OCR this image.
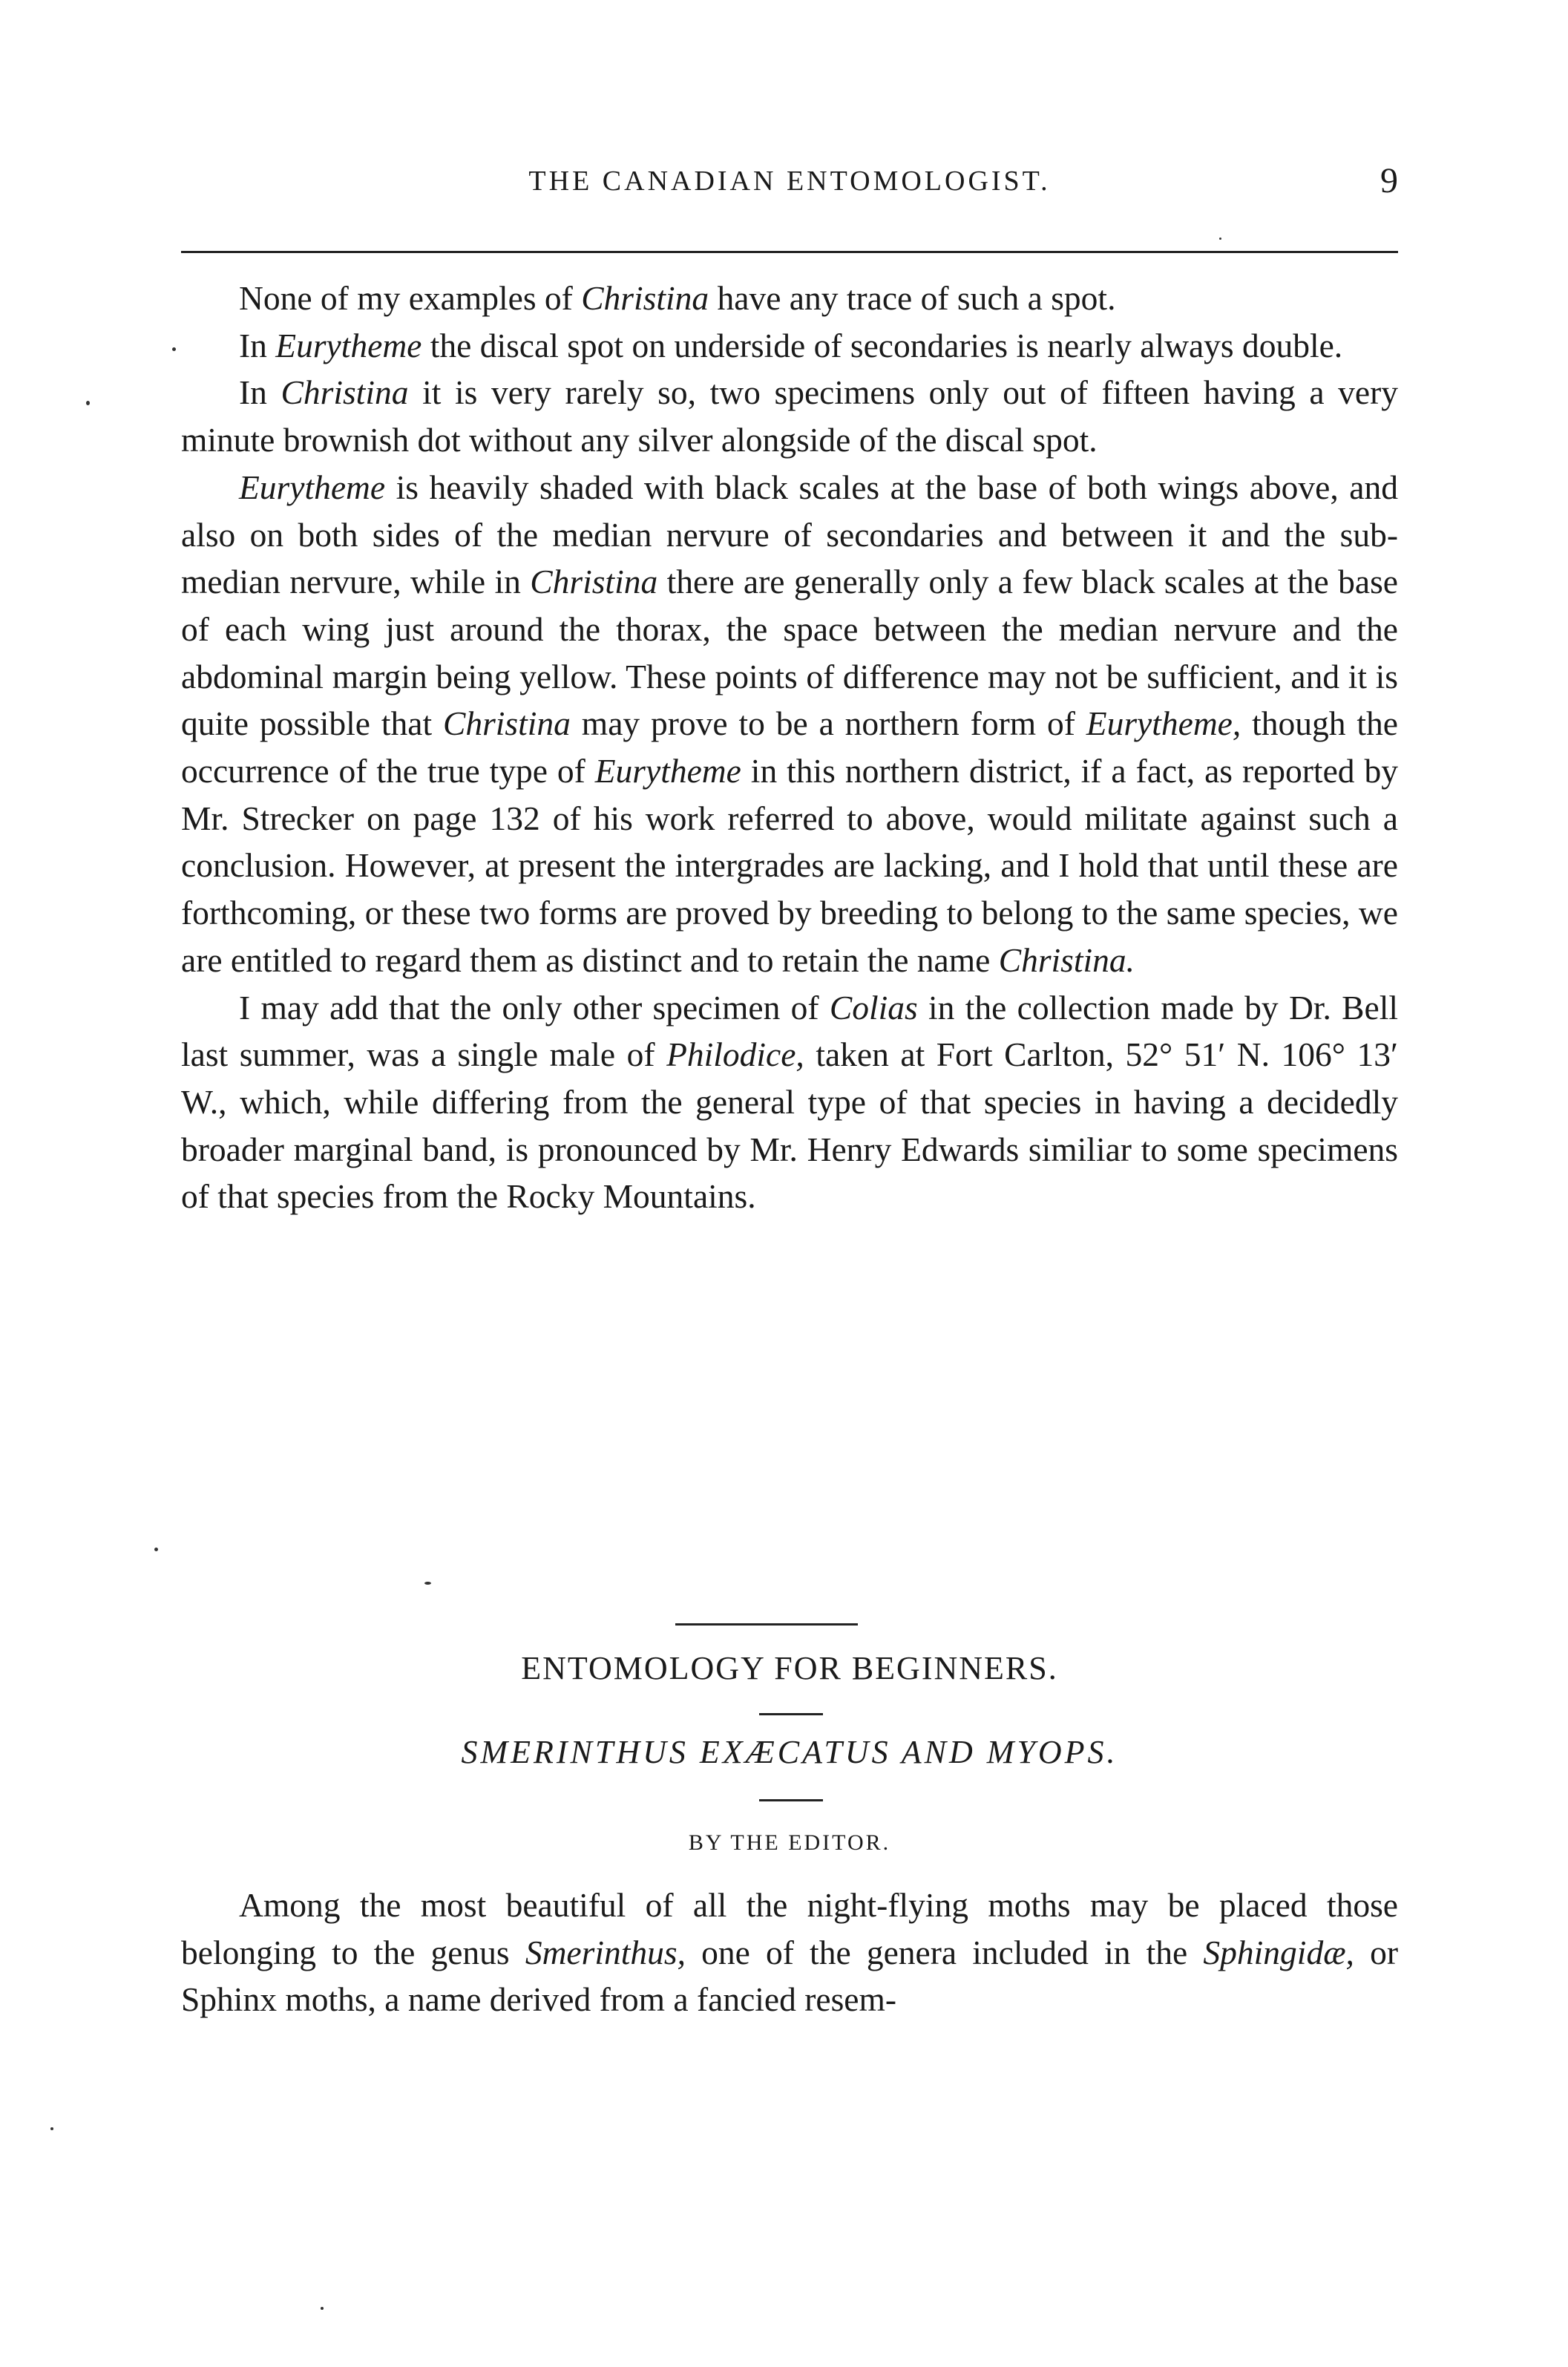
THE CANADIAN ENTOMOLOGIST.	9

None of my examples of Christina have any trace of such a spot.

In Eurytheme the discal spot on underside of secondaries is nearly always double.

In Christina it is very rarely so, two specimens only out of fifteen having a very minute brownish dot without any silver alongside of the discal spot.

Eurytheme is heavily shaded with black scales at the base of both wings above, and also on both sides of the median nervure of secondaries and between it and the sub-median nervure, while in Christina there are generally only a few black scales at the base of each wing just around the thorax, the space between the median nervure and the abdominal margin being yellow. These points of difference may not be sufficient, and it is quite possible that Christina may prove to be a northern form of Eurytheme, though the occurrence of the true type of Eurytheme in this northern district, if a fact, as reported by Mr. Strecker on page 132 of his work referred to above, would militate against such a conclusion. However, at present the intergrades are lacking, and I hold that until these are forthcoming, or these two forms are proved by breeding to belong to the same species, we are entitled to regard them as distinct and to retain the name Christina.

I may add that the only other specimen of Colias in the collection made by Dr. Bell last summer, was a single male of Philodice, taken at Fort Carlton, 52° 51′ N. 106° 13′ W., which, while differing from the general type of that species in having a decidedly broader marginal band, is pronounced by Mr. Henry Edwards similiar to some specimens of that species from the Rocky Mountains.

ENTOMOLOGY FOR BEGINNERS.
SMERINTHUS EXÆCATUS AND MYOPS.
BY THE EDITOR.

Among the most beautiful of all the night-flying moths may be placed those belonging to the genus Smerinthus, one of the genera included in the Sphingidæ, or Sphinx moths, a name derived from a fancied resem-
